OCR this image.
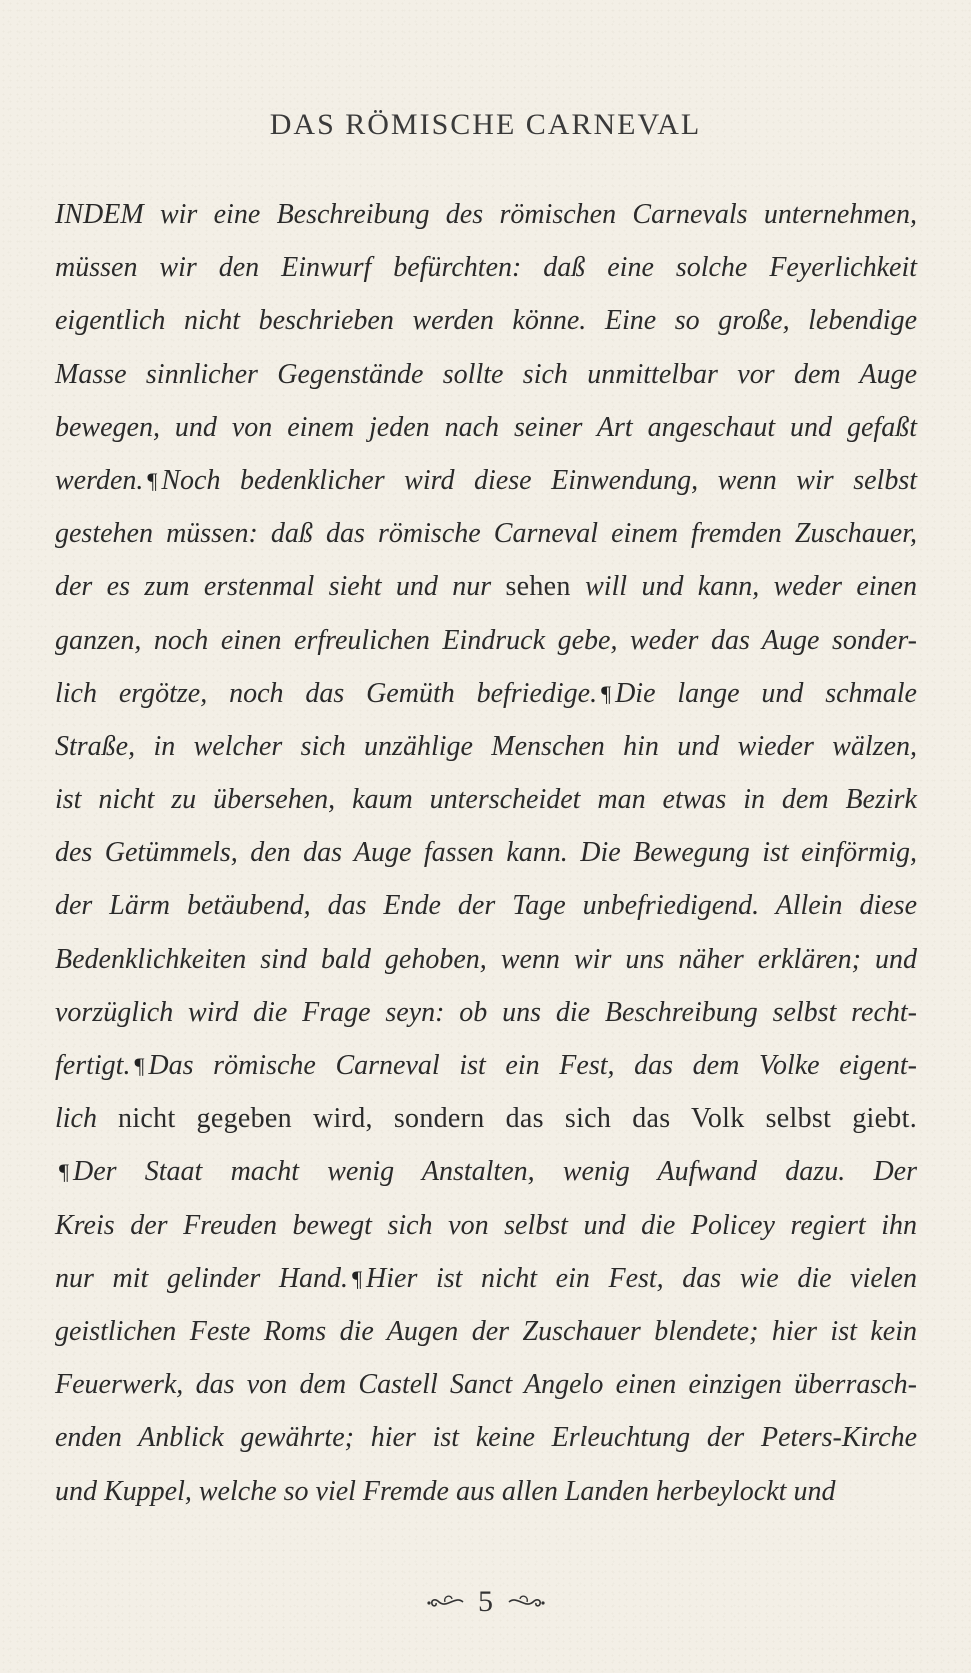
DAS RÖMISCHE CARNEVAL
INDEM wir eine Beschreibung des römischen Carnevals unternehmen,
müssen wir den Einwurf befürchten: daß eine solche Feyerlichkeit
eigentlich nicht beschrieben werden könne. Eine so große, lebendige
Masse sinnlicher Gegenstände sollte sich unmittelbar vor dem Auge
bewegen, und von einem jeden nach seiner Art angeschaut und gefaßt
werden. ¶ Noch bedenklicher wird diese Einwendung, wenn wir selbst
gestehen müssen: daß das römische Carneval einem fremden Zuschauer,
der es zum erstenmal sieht und nur sehen will und kann, weder einen
ganzen, noch einen erfreulichen Eindruck gebe, weder das Auge sonder-
lich ergötze, noch das Gemüth befriedige. ¶ Die lange und schmale
Straße, in welcher sich unzählige Menschen hin und wieder wälzen,
ist nicht zu übersehen, kaum unterscheidet man etwas in dem Bezirk
des Getümmels, den das Auge fassen kann. Die Bewegung ist einförmig,
der Lärm betäubend, das Ende der Tage unbefriedigend. Allein diese
Bedenklichkeiten sind bald gehoben, wenn wir uns näher erklären; und
vorzüglich wird die Frage seyn: ob uns die Beschreibung selbst recht-
fertigt. ¶ Das römische Carneval ist ein Fest, das dem Volke eigent-
lich nicht gegeben wird, sondern das sich das Volk selbst giebt.
¶ Der Staat macht wenig Anstalten, wenig Aufwand dazu. Der
Kreis der Freuden bewegt sich von selbst und die Policey regiert ihn
nur mit gelinder Hand. ¶ Hier ist nicht ein Fest, das wie die vielen
geistlichen Feste Roms die Augen der Zuschauer blendete; hier ist kein
Feuerwerk, das von dem Castell Sanct Angelo einen einzigen überrasch-
enden Anblick gewährte; hier ist keine Erleuchtung der Peters-Kirche
und Kuppel, welche so viel Fremde aus allen Landen herbeylockt und
5
